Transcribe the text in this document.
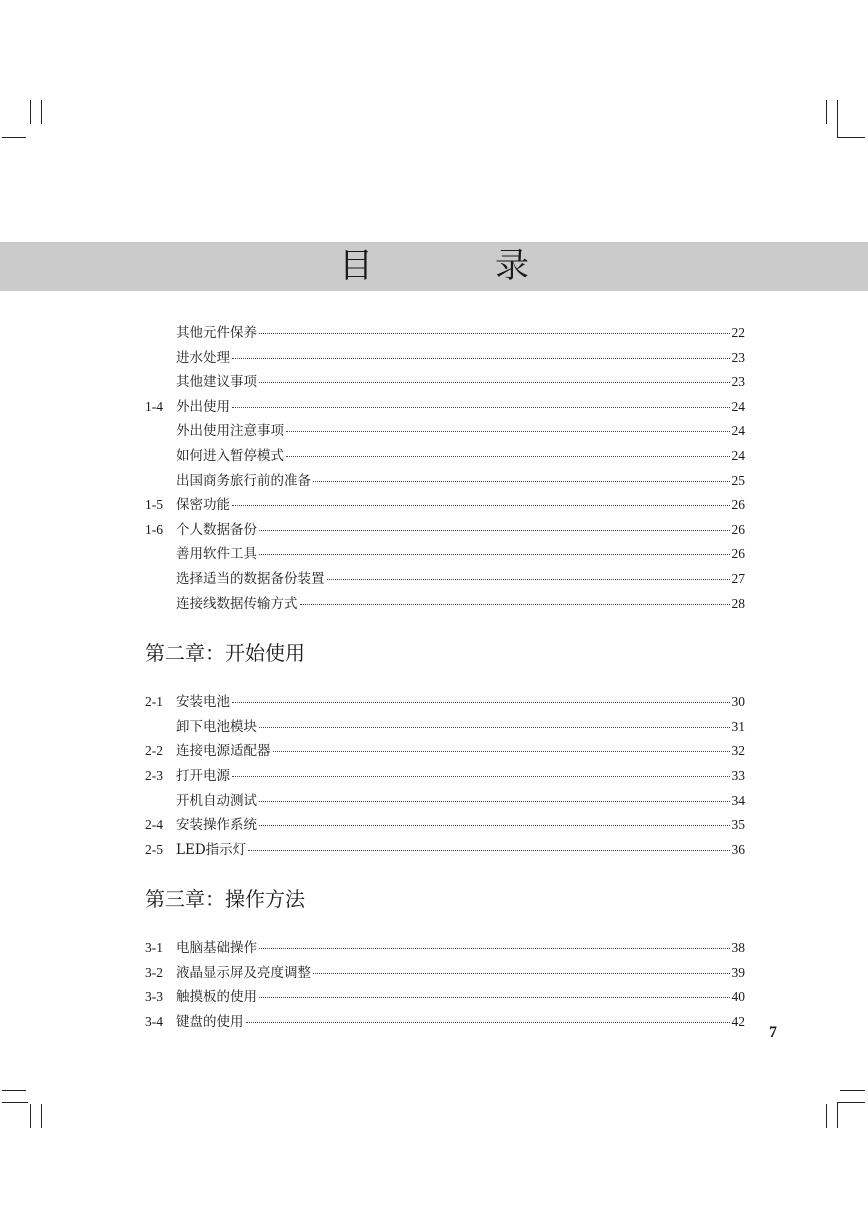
目　录
其他元件保养	22
进水处理	23
其他建议事项	23
1-4 外出使用	24
外出使用注意事项	24
如何进入暂停模式	24
出国商务旅行前的准备	25
1-5 保密功能	26
1-6 个人数据备份	26
善用软件工具	26
选择适当的数据备份装置	27
连接线数据传输方式	28
第二章：开始使用
2-1 安装电池	30
卸下电池模块	31
2-2 连接电源适配器	32
2-3 打开电源	33
开机自动测试	34
2-4 安装操作系统	35
2-5 LED指示灯	36
第三章：操作方法
3-1 电脑基础操作	38
3-2 液晶显示屏及亮度调整	39
3-3 触摸板的使用	40
3-4 键盘的使用	42
7
